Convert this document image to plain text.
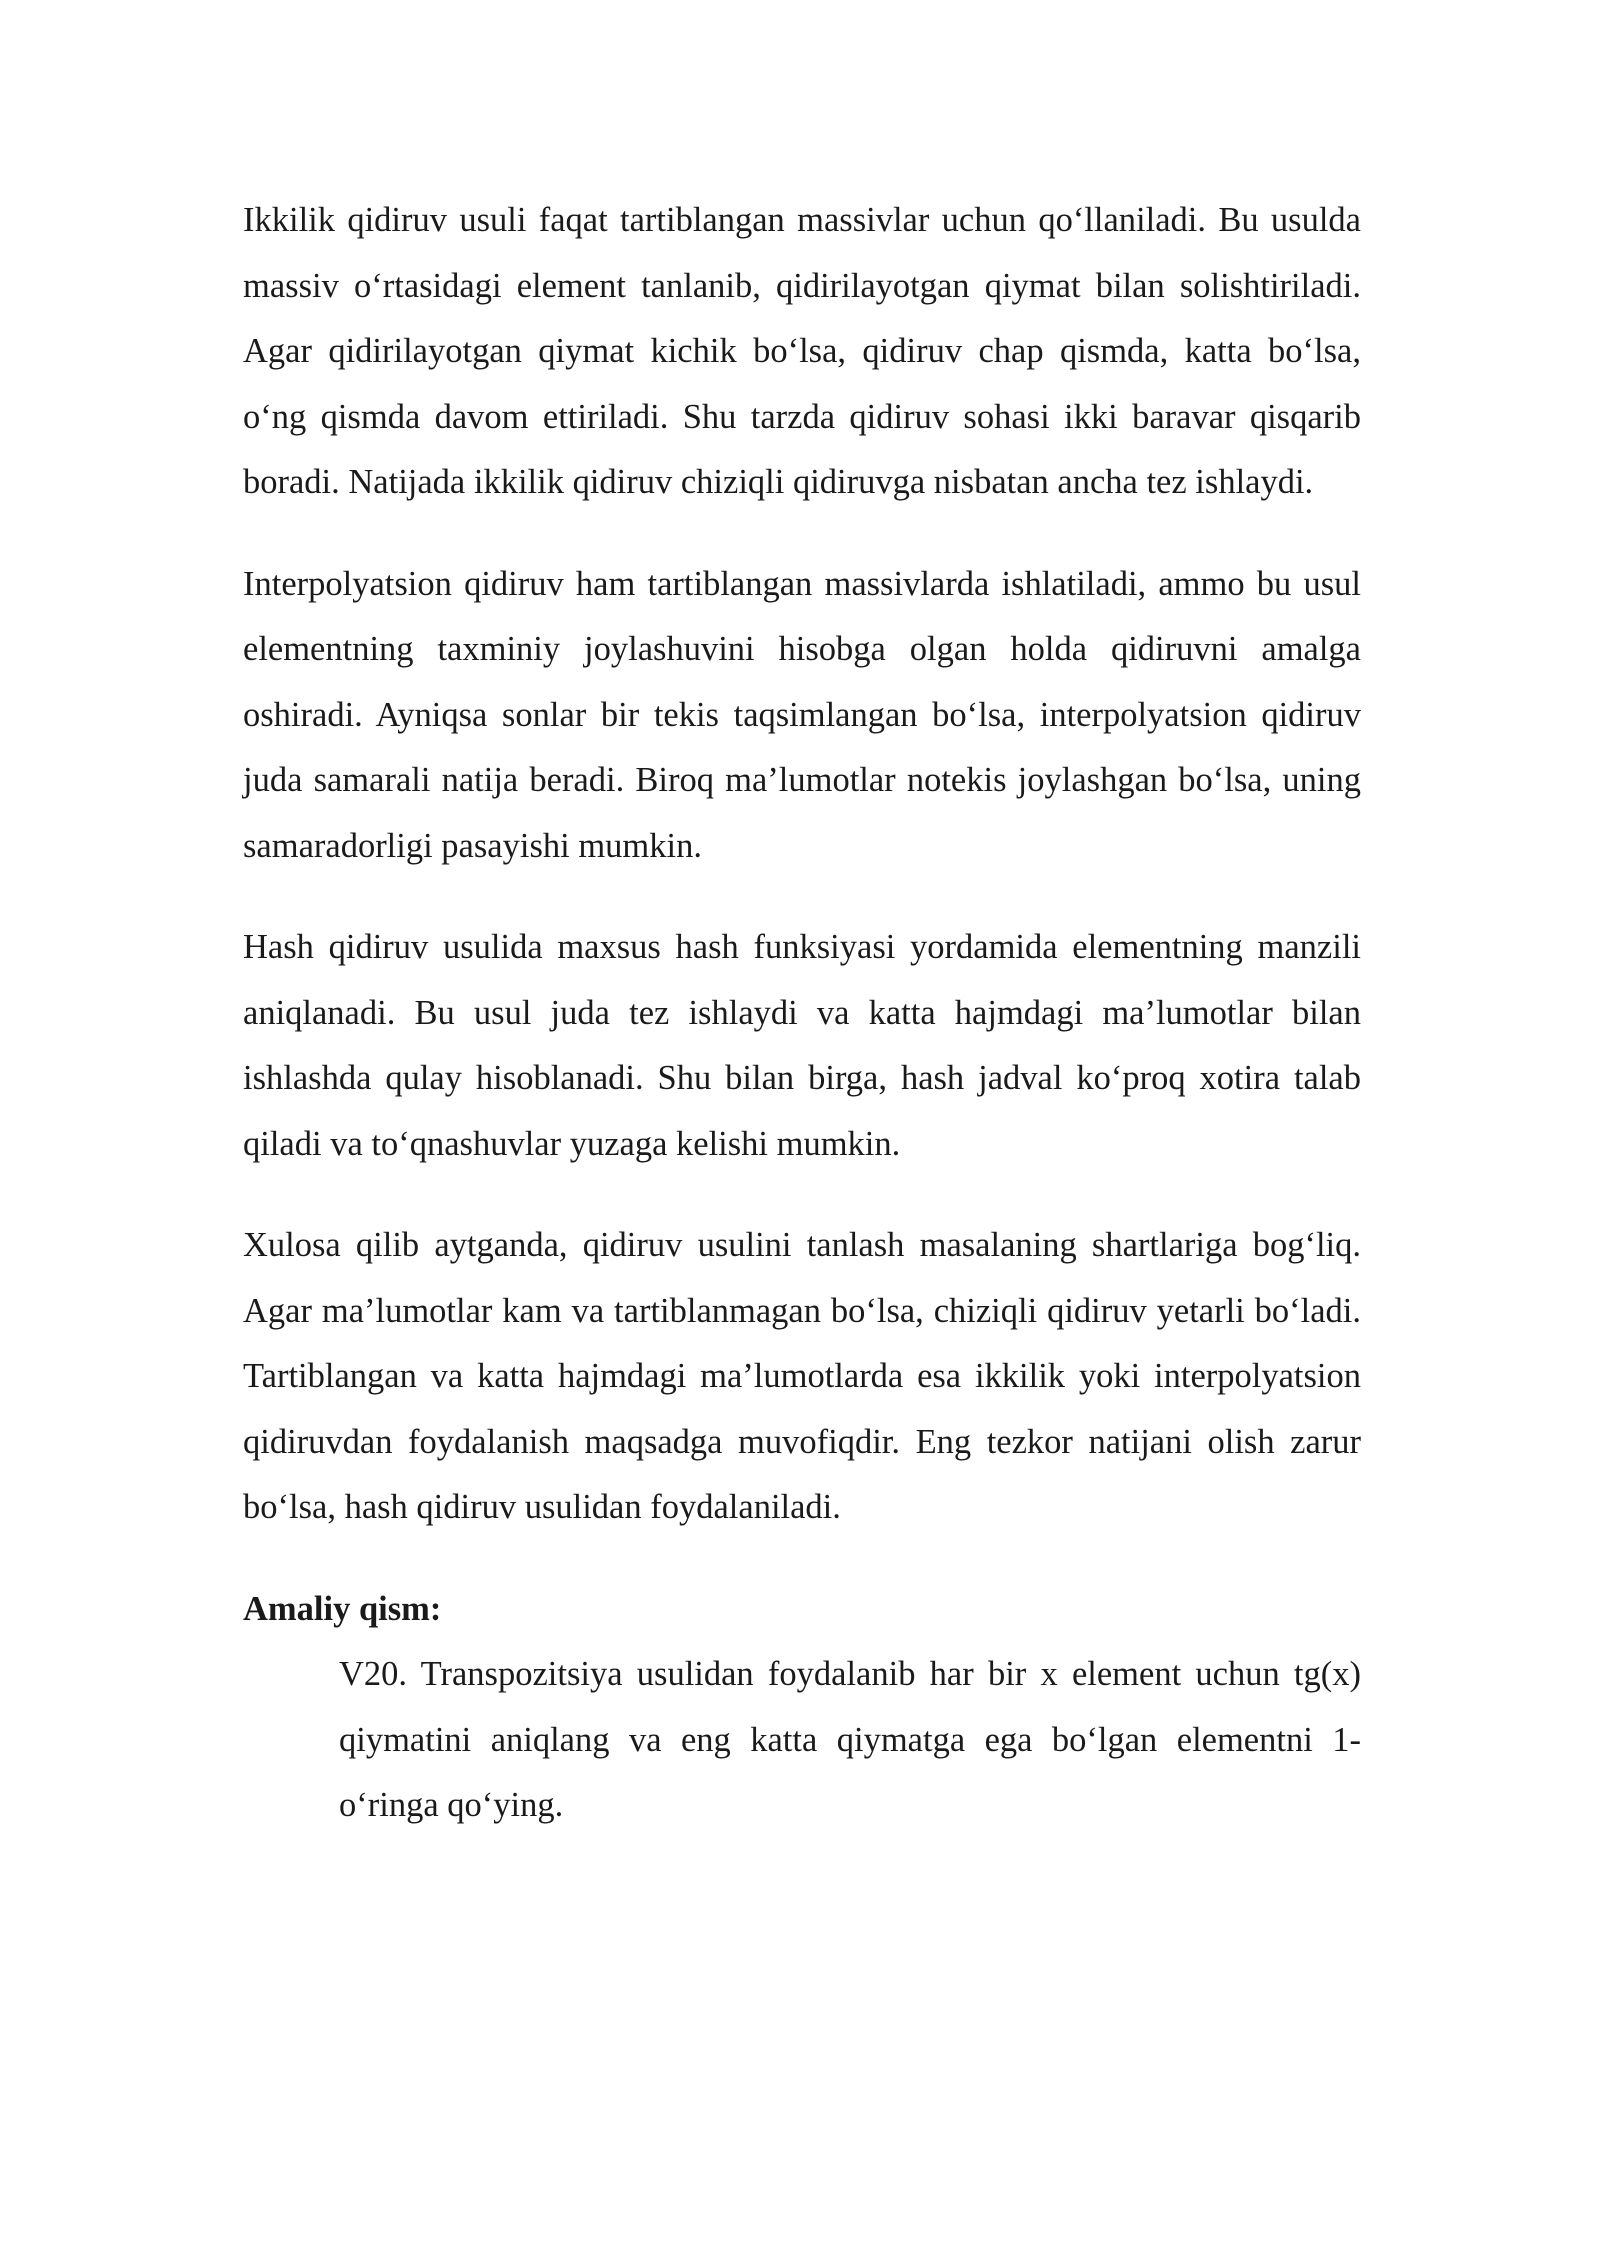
Ikkilik qidiruv usuli faqat tartiblangan massivlar uchun qo‘llaniladi. Bu usulda massiv o‘rtasidagi element tanlanib, qidirilayotgan qiymat bilan solishtiriladi. Agar qidirilayotgan qiymat kichik bo‘lsa, qidiruv chap qismda, katta bo‘lsa, o‘ng qismda davom ettiriladi. Shu tarzda qidiruv sohasi ikki baravar qisqarib boradi. Natijada ikkilik qidiruv chiziqli qidiruvga nisbatan ancha tez ishlaydi.

Interpolyatsion qidiruv ham tartiblangan massivlarda ishlatiladi, ammo bu usul elementning taxminiy joylashuvini hisobga olgan holda qidiruvni amalga oshiradi. Ayniqsa sonlar bir tekis taqsimlangan bo‘lsa, interpolyatsion qidiruv juda samarali natija beradi. Biroq ma’lumotlar notekis joylashgan bo‘lsa, uning samaradorligi pasayishi mumkin.

Hash qidiruv usulida maxsus hash funksiyasi yordamida elementning manzili aniqlanadi. Bu usul juda tez ishlaydi va katta hajmdagi ma’lumotlar bilan ishlashda qulay hisoblanadi. Shu bilan birga, hash jadval ko‘proq xotira talab qiladi va to‘qnashuvlar yuzaga kelishi mumkin.

Xulosa qilib aytganda, qidiruv usulini tanlash masalaning shartlariga bog‘liq. Agar ma’lumotlar kam va tartiblanmagan bo‘lsa, chiziqli qidiruv yetarli bo‘ladi. Tartiblangan va katta hajmdagi ma’lumotlarda esa ikkilik yoki interpolyatsion qidiruvdan foydalanish maqsadga muvofiqdir. Eng tezkor natijani olish zarur bo‘lsa, hash qidiruv usulidan foydalaniladi.

Amaliy qism:

V20. Transpozitsiya usulidan foydalanib har bir x element uchun tg(x) qiymatini aniqlang va eng katta qiymatga ega bo‘lgan elementni 1-o‘ringa qo‘ying.
